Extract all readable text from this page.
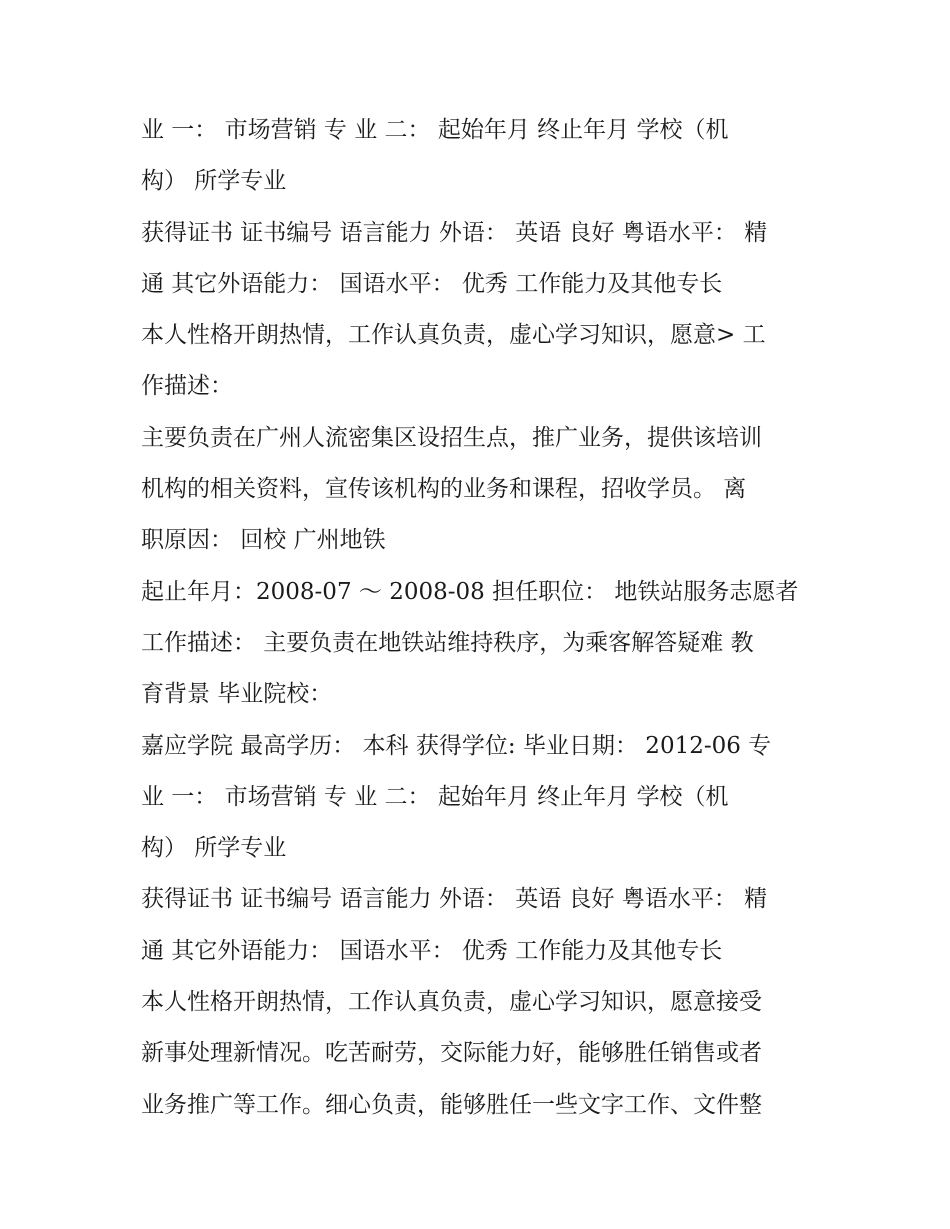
业 一： 市场营销 专 业 二： 起始年月 终止年月 学校（机
构） 所学专业
获得证书 证书编号 语言能力 外语： 英语 良好 粤语水平： 精
通 其它外语能力： 国语水平： 优秀 工作能力及其他专长
本人性格开朗热情，工作认真负责，虚心学习知识，愿意> 工
作描述：
主要负责在广州人流密集区设招生点，推广业务，提供该培训
机构的相关资料，宣传该机构的业务和课程，招收学员。 离
职原因： 回校 广州地铁
起止年月：2008-07 ～ 2008-08 担任职位： 地铁站服务志愿者
工作描述： 主要负责在地铁站维持秩序，为乘客解答疑难 教
育背景 毕业院校：
嘉应学院 最高学历： 本科 获得学位: 毕业日期： 2012-06 专
业 一： 市场营销 专 业 二： 起始年月 终止年月 学校（机
构） 所学专业
获得证书 证书编号 语言能力 外语： 英语 良好 粤语水平： 精
通 其它外语能力： 国语水平： 优秀 工作能力及其他专长
本人性格开朗热情，工作认真负责，虚心学习知识，愿意接受
新事处理新情况。吃苦耐劳，交际能力好，能够胜任销售或者
业务推广等工作。细心负责，能够胜任一些文字工作、文件整
